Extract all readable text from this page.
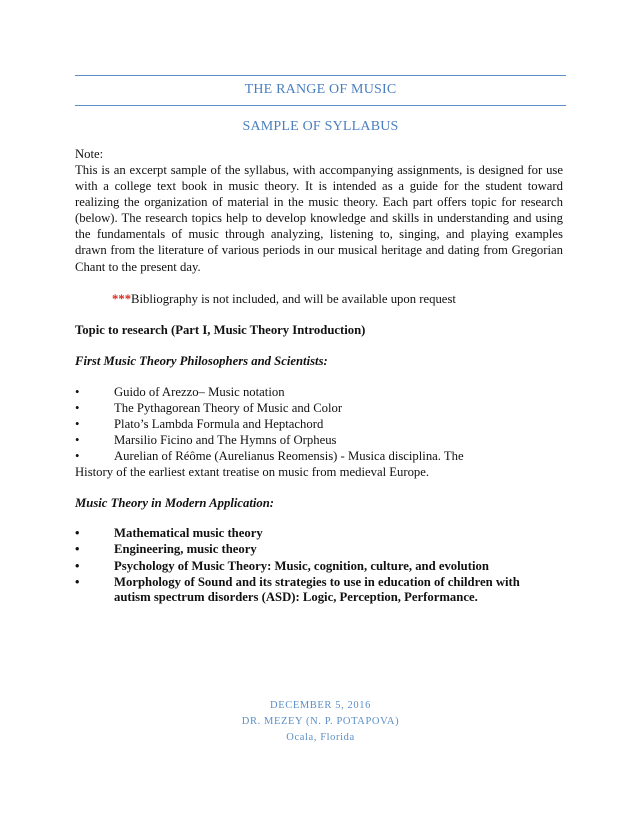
THE RANGE OF MUSIC
SAMPLE OF SYLLABUS
Note:

This is an excerpt sample of the syllabus, with accompanying assignments, is designed for use with a college text book in music theory. It is intended as a guide for the student toward realizing the organization of material in the music theory. Each part offers topic for research (below). The research topics help to develop knowledge and skills in understanding and using the fundamentals of music through analyzing, listening to, singing, and playing examples drawn from the literature of various periods in our musical heritage and dating from Gregorian Chant to the present day.

***Bibliography is not included, and will be available upon request
Topic to research (Part I, Music Theory Introduction)
First Music Theory Philosophers and Scientists:
•	Guido of Arezzo– Music notation
•	The Pythagorean Theory of Music and Color
•	Plato’s Lambda Formula and Heptachord
•	Marsilio Ficino and The Hymns of Orpheus
•	Aurelian of Réôme (Aurelianus Reomensis) - Musica disciplina. The
History of the earliest extant treatise on music from medieval Europe.
Music Theory in Modern Application:
•	Mathematical music theory
•	Engineering, music theory
•	Psychology of Music Theory: Music, cognition, culture, and evolution
•	Morphology of Sound and its strategies to use in education of children with autism spectrum disorders (ASD): Logic, Perception, Performance.
DECEMBER 5, 2016
DR. MEZEY (N. P. POTAPOVA)
Ocala, Florida
